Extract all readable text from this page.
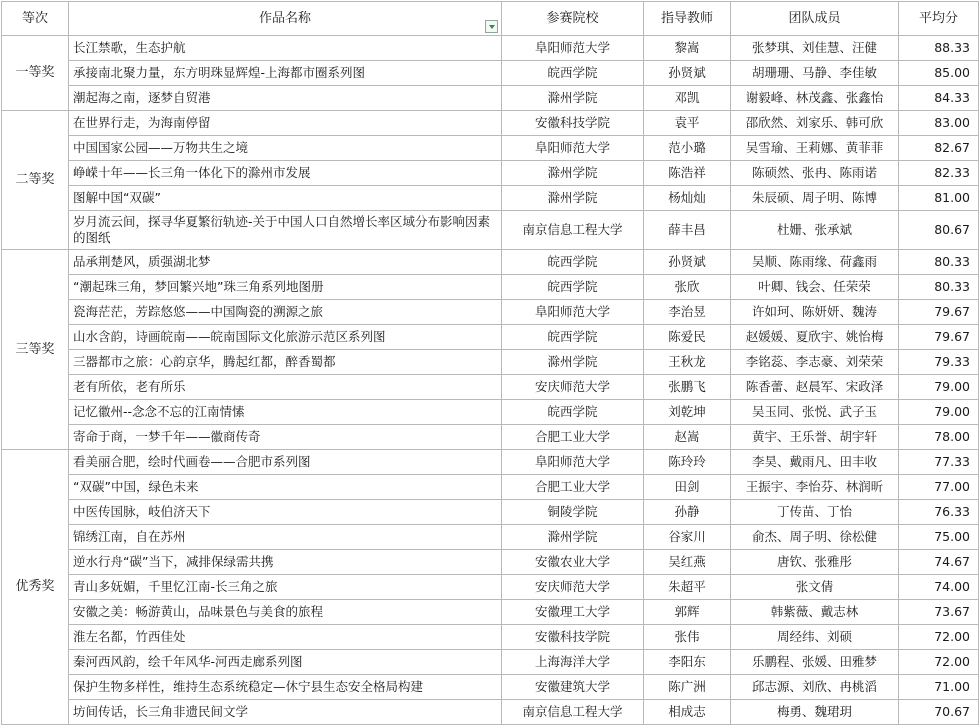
等次	作品名称	参赛院校	指导教师	团队成员	平均分
一等奖	长江禁歌，生态护航	阜阳师范大学	黎嵩	张梦琪、刘佳慧、汪健	88.33
	承接南北聚力量，东方明珠显辉煌-上海都市圈系列图	皖西学院	孙贤斌	胡珊珊、马静、李佳敏	85.00
	潮起海之南，逐梦自贸港	滁州学院	邓凯	谢毅峰、林茂鑫、张鑫怡	84.33
二等奖	在世界行走，为海南停留	安徽科技学院	袁平	邵欣然、刘家乐、韩可欣	83.00
	中国国家公园——万物共生之境	阜阳师范大学	范小璐	吴雪瑜、王莉娜、黄菲菲	82.67
	峥嵘十年——长三角一体化下的滁州市发展	滁州学院	陈浩祥	陈硕然、张冉、陈雨诺	82.33
	图解中国“双碳”	滁州学院	杨灿灿	朱辰硕、周子明、陈博	81.00
	岁月流云间，探寻华夏繁衍轨迹-关于中国人口自然增长率区域分布影响因素的图纸	南京信息工程大学	薛丰昌	杜姗、张承斌	80.67
三等奖	品承荆楚风，质强湖北梦	皖西学院	孙贤斌	吴顺、陈雨缘、荷鑫雨	80.33
	“潮起珠三角，梦回繁兴地”珠三角系列地图册	皖西学院	张欣	叶卿、钱会、任荣荣	80.33
	瓷海茫茫，芳踪悠悠——中国陶瓷的溯源之旅	阜阳师范大学	李治昱	许如珂、陈妍妍、魏涛	79.67
	山水含韵，诗画皖南——皖南国际文化旅游示范区系列图	皖西学院	陈爱民	赵媛媛、夏欣宇、姚怡梅	79.67
	三器都市之旅：心韵京华，腾起红都，醉香蜀都	滁州学院	王秋龙	李铭蕊、李志豪、刘荣荣	79.33
	老有所依，老有所乐	安庆师范大学	张鹏飞	陈香蕾、赵晨军、宋政泽	79.00
	记忆徽州--念念不忘的江南情愫	皖西学院	刘乾坤	吴玉同、张悦、武子玉	79.00
	寄命于商，一梦千年——徽商传奇	合肥工业大学	赵嵩	黄宇、王乐誉、胡宇轩	78.00
优秀奖	看美丽合肥，绘时代画卷——合肥市系列图	阜阳师范大学	陈玲玲	李昊、戴雨凡、田丰收	77.33
	“双碳”中国，绿色未来	合肥工业大学	田剑	王振宇、李怡芬、林润昕	77.00
	中医传国脉，岐伯济天下	铜陵学院	孙静	丁传苗、丁怡	76.33
	锦绣江南，自在苏州	滁州学院	谷家川	俞杰、周子明、徐松健	75.00
	逆水行舟“碳”当下，减排保绿需共携	安徽农业大学	吴红燕	唐钦、张雅彤	74.67
	青山多妩媚，千里忆江南-长三角之旅	安庆师范大学	朱超平	张文倩	74.00
	安徽之美：畅游黄山，品味景色与美食的旅程	安徽理工大学	郭辉	韩紫薇、戴志林	73.67
	淮左名都，竹西佳处	安徽科技学院	张伟	周经纬、刘硕	72.00
	秦河西风韵，绘千年风华-河西走廊系列图	上海海洋大学	李阳东	乐鹏程、张媛、田雅梦	72.00
	保护生物多样性，维持生态系统稳定—休宁县生态安全格局构建	安徽建筑大学	陈广洲	邱志源、刘欣、冉桃滔	71.00
	坊间传话，长三角非遗民间文学	南京信息工程大学	相成志	梅勇、魏珺玥	70.67
